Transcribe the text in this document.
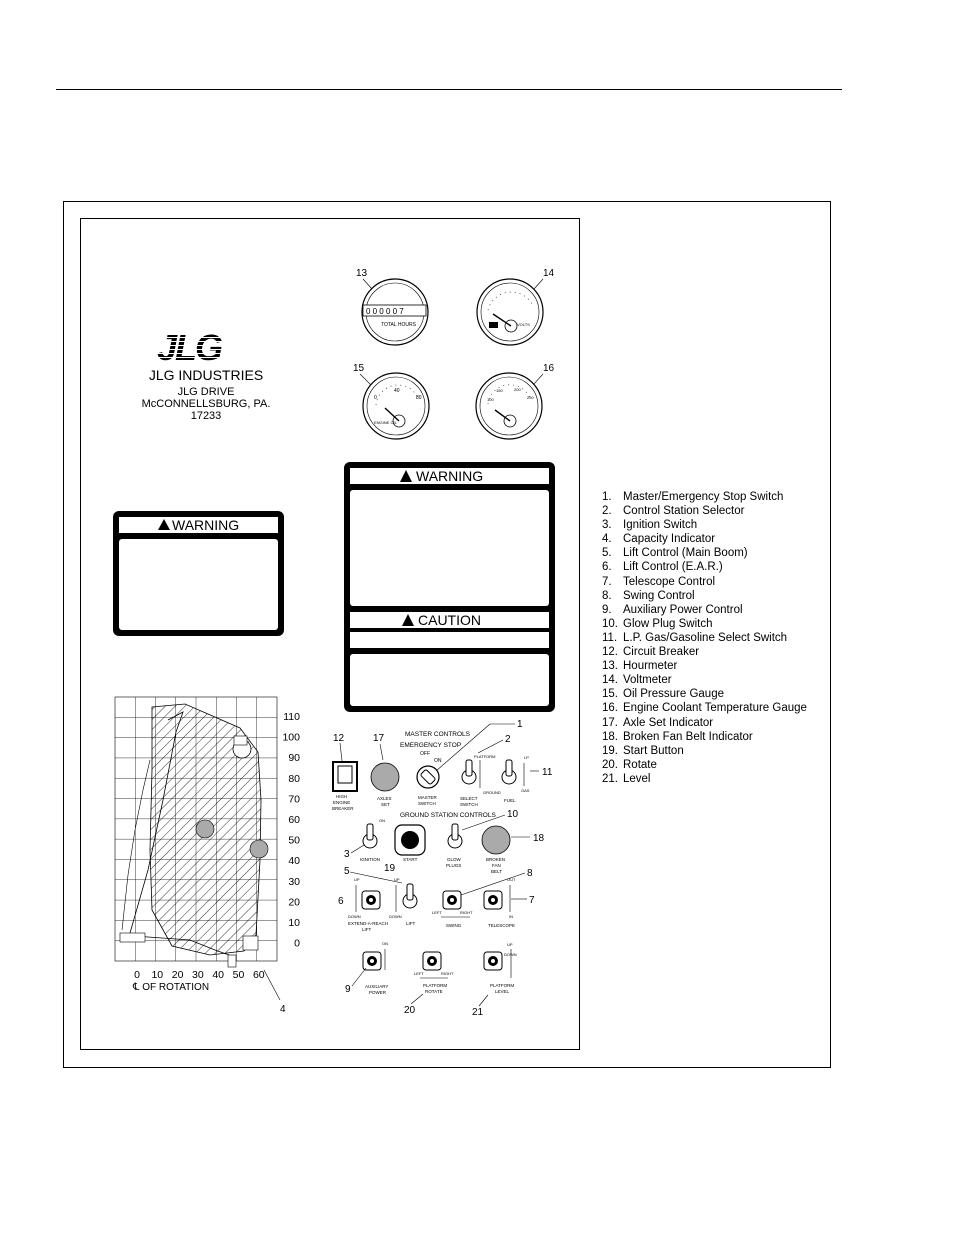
JLG
JLG INDUSTRIES
JLG DRIVE
McCONNELLSBURG, PA.
17233
WARNING
WARNING
CAUTION
13
000007
TOTAL HOURS
14
VOLTS
15
40
0	80
ENGINE OIL
16
100
150	200
250
110
100
90
80
70
60
50
40
30
20
10
0
0 10 20 30 40 50 60
℄ OF ROTATION
4
MASTER CONTROLS
EMERGENCY STOP
OFF
ON
12
HIGH
ENGINE
BREAKER
17
AXLES
SET
1
MASTER
SWITCH
2
PLATFORM
GROUND
SELECT
SWITCH
LP
GAS
FUEL
11
GROUND STATION CONTROLS
ON
IGNITION
3	START
19
10
GLOW
PLUGS
18
BROKEN
FAN
BELT
UP
DOWN
EXTEND-A-REACH
LIFT
6
5
UP
DOWN
LIFT
8
LEFT	RIGHT
SWING
OUT
IN
TELESCOPE
7
ON
AUXILIARY
POWER
9
LEFT	RIGHT
PLATFORM
ROTATE
20
UP
DOWN
PLATFORM
LEVEL
21
1. Master/Emergency Stop Switch
2. Control Station Selector
3. Ignition Switch
4. Capacity Indicator
5. Lift Control (Main Boom)
6. Lift Control (E.A.R.)
7. Telescope Control
8. Swing Control
9. Auxiliary Power Control
10. Glow Plug Switch
11. L.P. Gas/Gasoline Select Switch
12. Circuit Breaker
13. Hourmeter
14. Voltmeter
15. Oil Pressure Gauge
16. Engine Coolant Temperature Gauge
17. Axle Set Indicator
18. Broken Fan Belt Indicator
19. Start Button
20. Rotate
21. Level
